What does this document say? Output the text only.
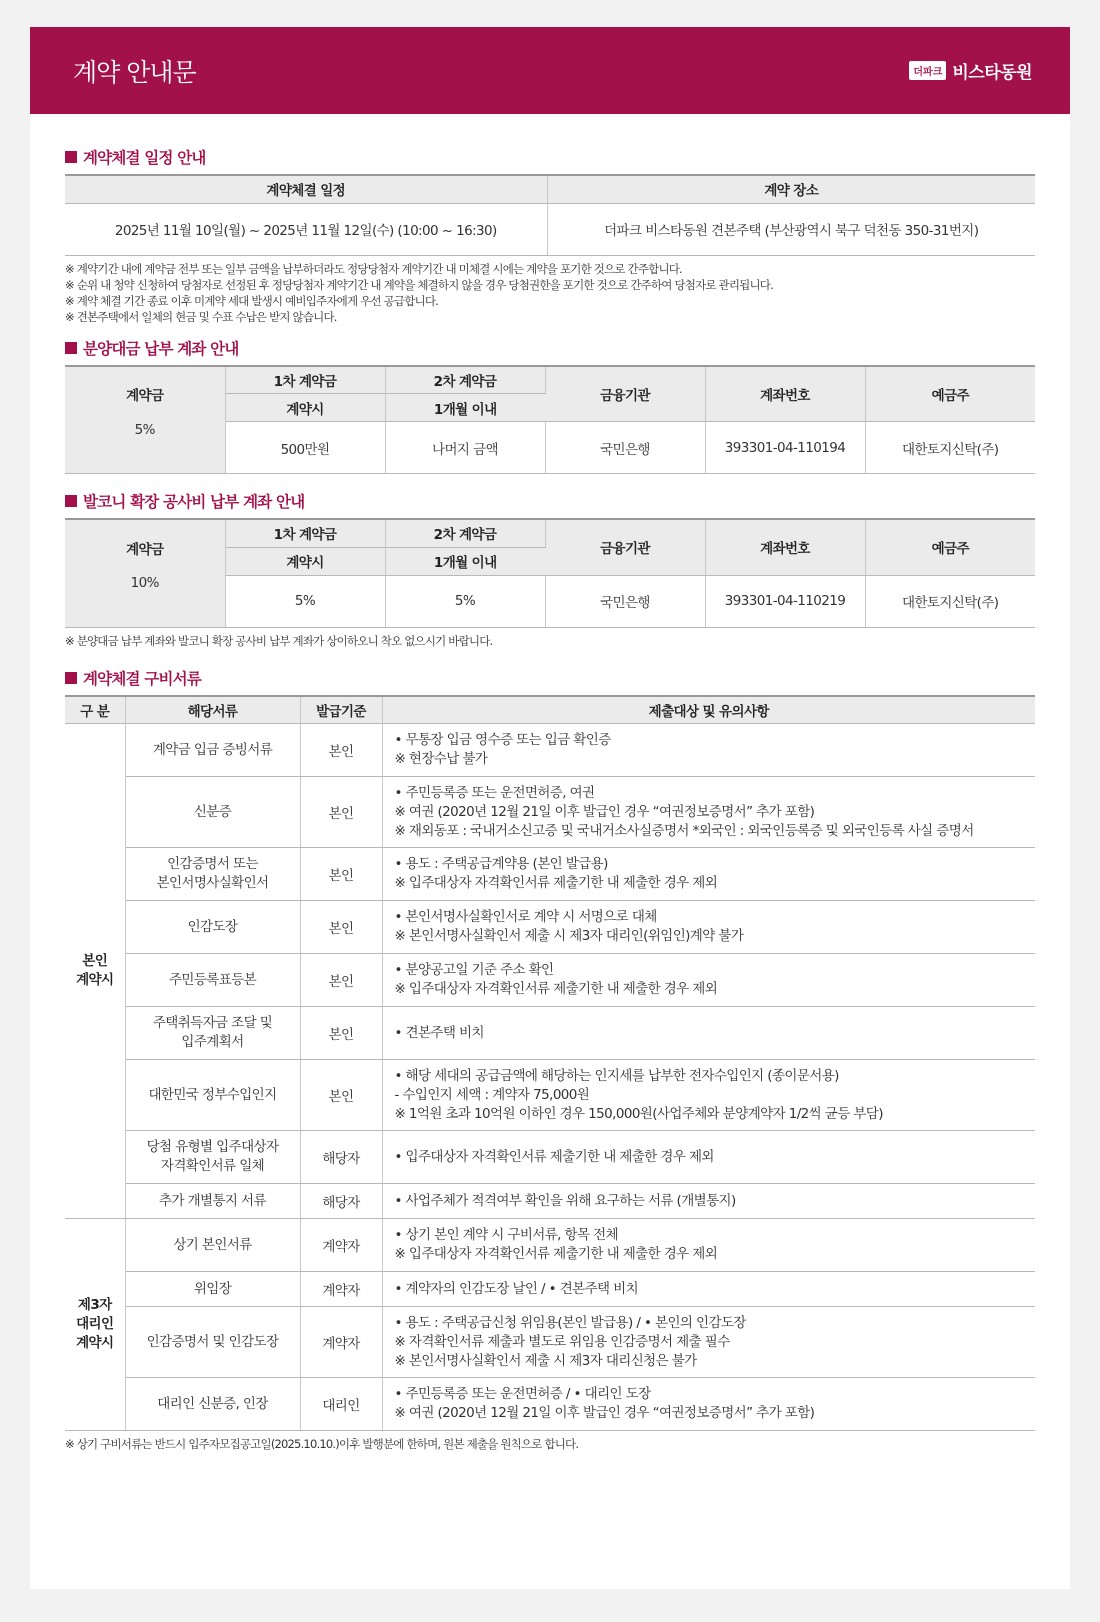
계약 안내문	더파크 비스타동원
계약체결 일정 안내
계약체결 일정	계약 장소
2025년 11월 10일(월) ~ 2025년 11월 12일(수) (10:00 ~ 16:30)	더파크 비스타동원 견본주택 (부산광역시 북구 덕천동 350-31번지)
※ 계약기간 내에 계약금 전부 또는 일부 금액을 납부하더라도 정당당첨자 계약기간 내 미체결 시에는 계약을 포기한 것으로 간주합니다.
※ 순위 내 청약 신청하여 당첨자로 선정된 후 정당당첨자 계약기간 내 계약을 체결하지 않을 경우 당첨권한을 포기한 것으로 간주하여 당첨자로 관리됩니다.
※ 계약 체결 기간 종료 이후 미계약 세대 발생시 예비입주자에게 우선 공급합니다.
※ 견본주택에서 일체의 현금 및 수표 수납은 받지 않습니다.
분양대금 납부 계좌 안내
계약금	1차 계약금	2차 계약금	금융기관	계좌번호	예금주
	계약시	1개월 이내			
5%	500만원	나머지 금액	국민은행	393301-04-110194	대한토지신탁(주)
발코니 확장 공사비 납부 계좌 안내
계약금	1차 계약금	2차 계약금	금융기관	계좌번호	예금주
	계약시	1개월 이내			
10%	5%	5%	국민은행	393301-04-110219	대한토지신탁(주)
※ 분양대금 납부 계좌와 발코니 확장 공사비 납부 계좌가 상이하오니 착오 없으시기 바랍니다.
계약체결 구비서류
구 분	해당서류	발급기준	제출대상 및 유의사항
본인
계약시	계약금 입금 증빙서류	본인	• 무통장 입금 영수증 또는 입금 확인증
※ 현장수납 불가

	신분증	본인	• 주민등록증 또는 운전면허증, 여권
※ 여권 (2020년 12월 21일 이후 발급인 경우 “여권정보증명서” 추가 포함)
※ 재외동포 : 국내거소신고증 및 국내거소사실증명서 *외국인 : 외국인등록증 및 외국인등록 사실 증명서

	인감증명서 또는
본인서명사실확인서	본인	• 용도 : 주택공급계약용 (본인 발급용)
※ 입주대상자 자격확인서류 제출기한 내 제출한 경우 제외

	인감도장	본인	• 본인서명사실확인서로 계약 시 서명으로 대체
※ 본인서명사실확인서 제출 시 제3자 대리인(위임인)계약 불가

	주민등록표등본	본인	• 분양공고일 기준 주소 확인
※ 입주대상자 자격확인서류 제출기한 내 제출한 경우 제외

	주택취득자금 조달 및
입주계획서	본인	• 견본주택 비치

	대한민국 정부수입인지	본인	• 해당 세대의 공급금액에 해당하는 인지세를 납부한 전자수입인지 (종이문서용)
- 수입인지 세액 : 계약자 75,000원
※ 1억원 초과 10억원 이하인 경우 150,000원(사업주체와 분양계약자 1/2씩 균등 부담)

	당첨 유형별 입주대상자
자격확인서류 일체	해당자	• 입주대상자 자격확인서류 제출기한 내 제출한 경우 제외

	추가 개별통지 서류	해당자	• 사업주체가 적격여부 확인을 위해 요구하는 서류 (개별통지)

제3자
대리인
계약시	상기 본인서류	계약자	• 상기 본인 계약 시 구비서류, 항목 전체
※ 입주대상자 자격확인서류 제출기한 내 제출한 경우 제외

	위임장	계약자	• 계약자의 인감도장 날인 / • 견본주택 비치

	인감증명서 및 인감도장	계약자	• 용도 : 주택공급신청 위임용(본인 발급용) / • 본인의 인감도장
※ 자격확인서류 제출과 별도로 위임용 인감증명서 제출 필수
※ 본인서명사실확인서 제출 시 제3자 대리신청은 불가

	대리인 신분증, 인장	대리인	• 주민등록증 또는 운전면허증 / • 대리인 도장
※ 여권 (2020년 12월 21일 이후 발급인 경우 “여권정보증명서” 추가 포함)
※ 상기 구비서류는 반드시 입주자모집공고일(2025.10.10.)이후 발행분에 한하며, 원본 제출을 원칙으로 합니다.
